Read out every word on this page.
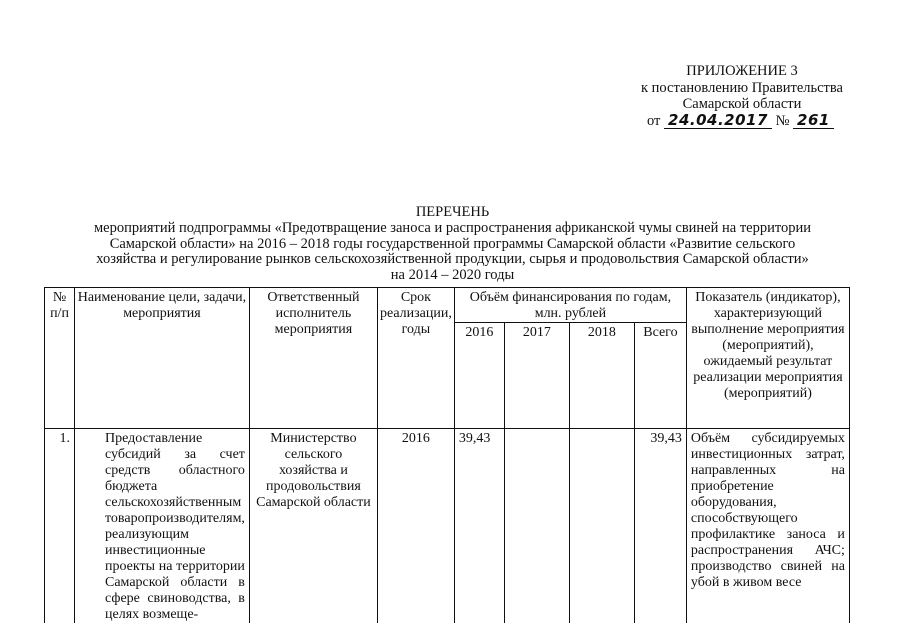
ПРИЛОЖЕНИЕ 3
к постановлению Правительства
Самарской области
от 24.04.2017 № 261
ПЕРЕЧЕНЬ
мероприятий подпрограммы «Предотвращение заноса и распространения африканской чумы свиней на территории
Самарской области» на 2016 – 2018 годы государственной программы Самарской области «Развитие сельского
хозяйства и регулирование рынков сельскохозяйственной продукции, сырья и продовольствия Самарской области»
на 2014 – 2020 годы
№ п/п	Наименование цели, задачи, мероприятия	Ответственный исполнитель мероприятия	Срок реализации, годы	Объём финансирования по годам, млн. рублей				Показатель (индикатор), характеризующий выполнение мероприятия (мероприятий), ожидаемый результат реализации мероприятия (мероприятий)
				2016	2017	2018	Всего	
1.	Предоставление субсидий за счет средств областного бюджета сельскохозяйственным товаропроизводителям, реализующим инвестиционные проекты на территории Самарской области в сфере свиноводства, в целях возмеще-	Министерство сельского хозяйства и продовольствия Самарской области	2016	39,43			39,43	Объём субсидируемых инвестиционных затрат, направленных на приобретение оборудования, способствующего профилактике заноса и распространения АЧС; производство свиней на убой в живом весе
